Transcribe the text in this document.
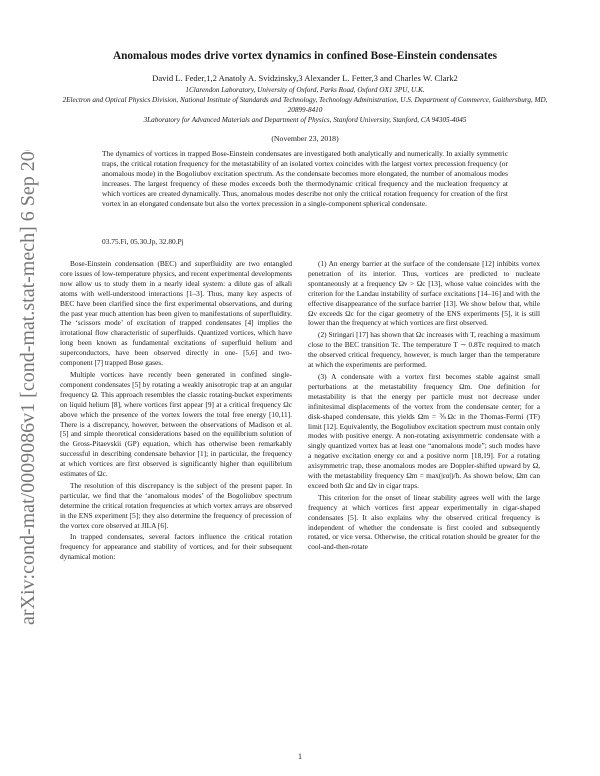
arXiv:cond-mat/0009086v1 [cond-mat.stat-mech] 6 Sep 2000
Anomalous modes drive vortex dynamics in confined Bose-Einstein condensates
David L. Feder,1,2 Anatoly A. Svidzinsky,3 Alexander L. Fetter,3 and Charles W. Clark2
1Clarendon Laboratory, University of Oxford, Parks Road, Oxford OX1 3PU, U.K.
2Electron and Optical Physics Division, National Institute of Standards and Technology, Technology Administration, U.S. Department of Commerce, Gaithersburg, MD, 20899-8410
3Laboratory for Advanced Materials and Department of Physics, Stanford University, Stanford, CA 94305-4045
(November 23, 2018)
The dynamics of vortices in trapped Bose-Einstein condensates are investigated both analytically and numerically. In axially symmetric traps, the critical rotation frequency for the metastability of an isolated vortex coincides with the largest vortex precession frequency (or anomalous mode) in the Bogoliubov excitation spectrum. As the condensate becomes more elongated, the number of anomalous modes increases. The largest frequency of these modes exceeds both the thermodynamic critical frequency and the nucleation frequency at which vortices are created dynamically. Thus, anomalous modes describe not only the critical rotation frequency for creation of the first vortex in an elongated condensate but also the vortex precession in a single-component spherical condensate.
03.75.Fi, 05.30.Jp, 32.80.Pj

Bose-Einstein condensation (BEC) and superfluidity are two entangled core issues of low-temperature physics, and recent experimental developments now allow us to study them in a nearly ideal system: a dilute gas of alkali atoms with well-understood interactions [1–3]. Thus, many key aspects of BEC have been clarified since the first experimental observations, and during the past year much attention has been given to manifestations of superfluidity. The ‘scissors mode’ of excitation of trapped condensates [4] implies the irrotational flow characteristic of superfluids. Quantized vortices, which have long been known as fundamental excitations of superfluid helium and superconductors, have been observed directly in one- [5,6] and two-component [7] trapped Bose gases.

Multiple vortices have recently been generated in confined single-component condensates [5] by rotating a weakly anisotropic trap at an angular frequency Ω. This approach resembles the classic rotating-bucket experiments on liquid helium [8], where vortices first appear [9] at a critical frequency Ωc above which the presence of the vortex lowers the total free energy [10,11]. There is a discrepancy, however, between the observations of Madison et al. [5] and simple theoretical considerations based on the equilibrium solution of the Gross-Pitaevskii (GP) equation, which has otherwise been remarkably successful in describing condensate behavior [1]; in particular, the frequency at which vortices are first observed is significantly higher than equilibrium estimates of Ωc.

The resolution of this discrepancy is the subject of the present paper. In particular, we find that the ‘anomalous modes’ of the Bogoliubov spectrum determine the critical rotation frequencies at which vortex arrays are observed in the ENS experiment [5]; they also determine the frequency of precession of the vortex core observed at JILA [6].

In trapped condensates, several factors influence the critical rotation frequency for appearance and stability of vortices, and for their subsequent dynamical motion:

(1) An energy barrier at the surface of the condensate [12] inhibits vortex penetration of its interior. Thus, vortices are predicted to nucleate spontaneously at a frequency Ων > Ωc [13], whose value coincides with the criterion for the Landau instability of surface excitations [14–16] and with the effective disappearance of the surface barrier [13]. We show below that, while Ων exceeds Ωc for the cigar geometry of the ENS experiments [5], it is still lower than the frequency at which vortices are first observed.

(2) Stringari [17] has shown that Ωc increases with T, reaching a maximum close to the BEC transition Tc. The temperature T ∼ 0.8Tc required to match the observed critical frequency, however, is much larger than the temperature at which the experiments are performed.

(3) A condensate with a vortex first becomes stable against small perturbations at the metastability frequency Ωm. One definition for metastability is that the energy per particle must not decrease under infinitesimal displacements of the vortex from the condensate center; for a disk-shaped condensate, this yields Ωm = ⅗Ωc in the Thomas-Fermi (TF) limit [12]. Equivalently, the Bogoliubov excitation spectrum must contain only modes with positive energy. A non-rotating axisymmetric condensate with a singly quantized vortex has at least one “anomalous mode”; such modes have a negative excitation energy εα and a positive norm [18,19]. For a rotating axisymmetric trap, these anomalous modes are Doppler-shifted upward by Ω, with the metastability frequency Ωm = max(|εα|)/ħ. As shown below, Ωm can exceed both Ωc and Ων in cigar traps.

This criterion for the onset of linear stability agrees well with the large frequency at which vortices first appear experimentally in cigar-shaped condensates [5]. It also explains why the observed critical frequency is independent of whether the condensate is first cooled and subsequently rotated, or vice versa. Otherwise, the critical rotation should be greater for the cool-and-then-rotate

1
